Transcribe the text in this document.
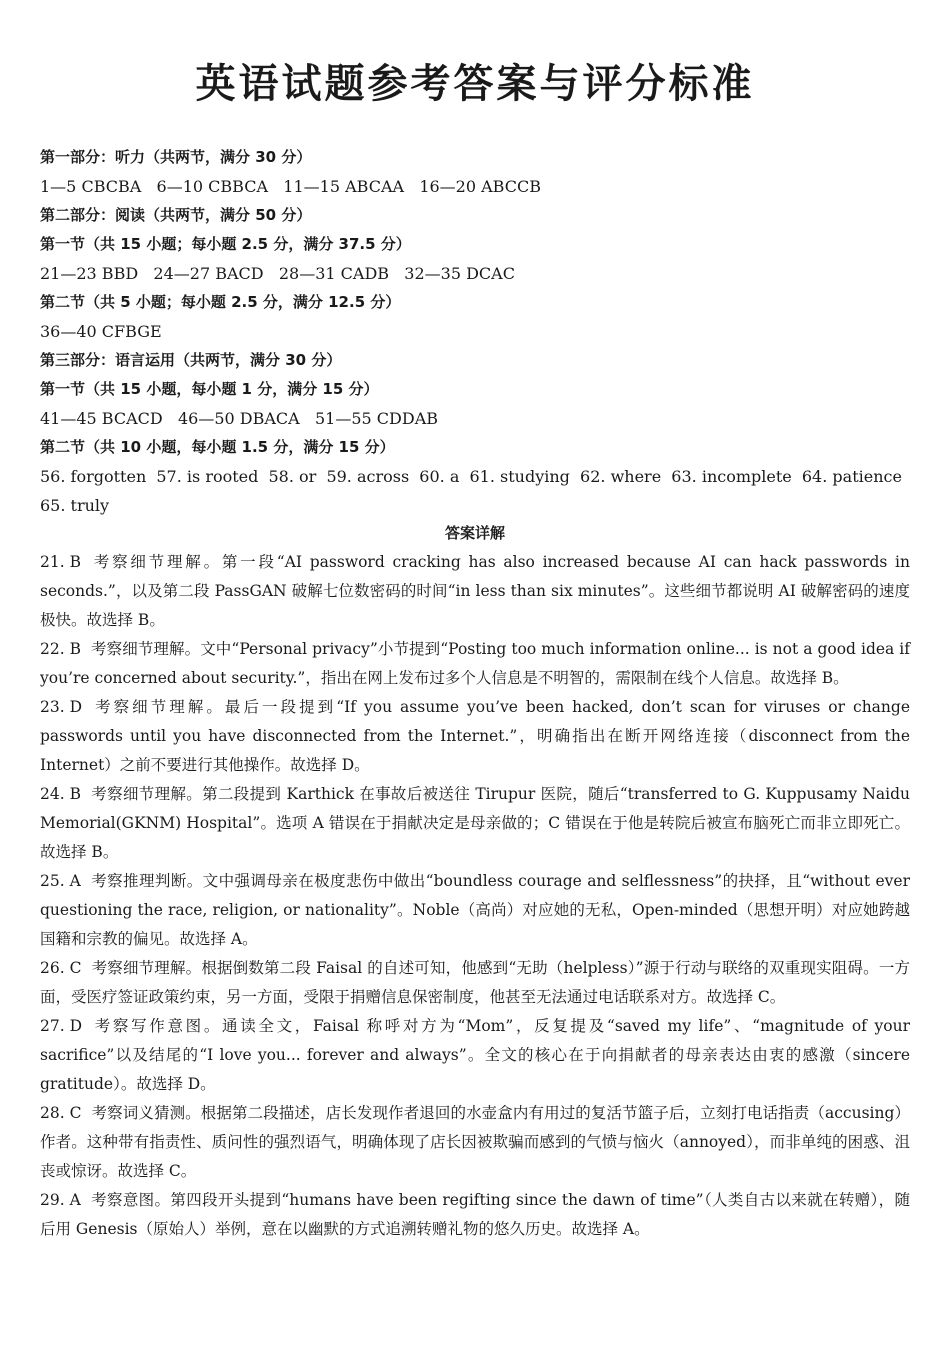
英语试题参考答案与评分标准
第一部分：听力（共两节，满分 30 分）
1—5 CBCBA   6—10 CBBCA   11—15 ABCAA   16—20 ABCCB
第二部分：阅读（共两节，满分 50 分）
第一节（共 15 小题；每小题 2.5 分，满分 37.5 分）
21—23 BBD   24—27 BACD   28—31 CADB   32—35 DCAC
第二节（共 5 小题；每小题 2.5 分，满分 12.5 分）
36—40 CFBGE
第三部分：语言运用（共两节，满分 30 分）
第一节（共 15 小题，每小题 1 分，满分 15 分）
41—45 BCACD   46—50 DBACA   51—55 CDDAB
第二节（共 10 小题，每小题 1.5 分，满分 15 分）
56. forgotten 57. is rooted 58. or 59. across 60. a 61. studying 62. where 63. incomplete 64. patience
65. truly
答案详解
21. B 考察细节理解。第一段“AI password cracking has also increased because AI can hack passwords in seconds.”，以及第二段 PassGAN 破解七位数密码的时间“in less than six minutes”。这些细节都说明 AI 破解密码的速度极快。故选择 B。
22. B 考察细节理解。文中“Personal privacy”小节提到“Posting too much information online... is not a good idea if you’re concerned about security.”，指出在网上发布过多个人信息是不明智的，需限制在线个人信息。故选择 B。
23. D 考察细节理解。最后一段提到“If you assume you’ve been hacked, don’t scan for viruses or change passwords until you have disconnected from the Internet.”，明确指出在断开网络连接（disconnect from the Internet）之前不要进行其他操作。故选择 D。
24. B 考察细节理解。第二段提到 Karthick 在事故后被送往 Tirupur 医院，随后“transferred to G. Kuppusamy Naidu Memorial(GKNM) Hospital”。选项 A 错误在于捐献决定是母亲做的；C 错误在于他是转院后被宣布脑死亡而非立即死亡。故选择 B。
25. A 考察推理判断。文中强调母亲在极度悲伤中做出“boundless courage and selflessness”的抉择，且“without ever questioning the race, religion, or nationality”。Noble（高尚）对应她的无私，Open-minded（思想开明）对应她跨越国籍和宗教的偏见。故选择 A。
26. C 考察细节理解。根据倒数第二段 Faisal 的自述可知，他感到“无助（helpless）”源于行动与联络的双重现实阻碍。一方面，受医疗签证政策约束，另一方面，受限于捐赠信息保密制度，他甚至无法通过电话联系对方。故选择 C。
27. D 考察写作意图。通读全文，Faisal 称呼对方为“Mom”，反复提及“saved my life”、“magnitude of your sacrifice”以及结尾的“I love you... forever and always”。全文的核心在于向捐献者的母亲表达由衷的感激（sincere gratitude）。故选择 D。
28. C 考察词义猜测。根据第二段描述，店长发现作者退回的水壶盒内有用过的复活节篮子后，立刻打电话指责（accusing）作者。这种带有指责性、质问性的强烈语气，明确体现了店长因被欺骗而感到的气愤与恼火（annoyed），而非单纯的困惑、沮丧或惊讶。故选择 C。
29. A 考察意图。第四段开头提到“humans have been regifting since the dawn of time”（人类自古以来就在转赠），随后用 Genesis（原始人）举例，意在以幽默的方式追溯转赠礼物的悠久历史。故选择 A。
